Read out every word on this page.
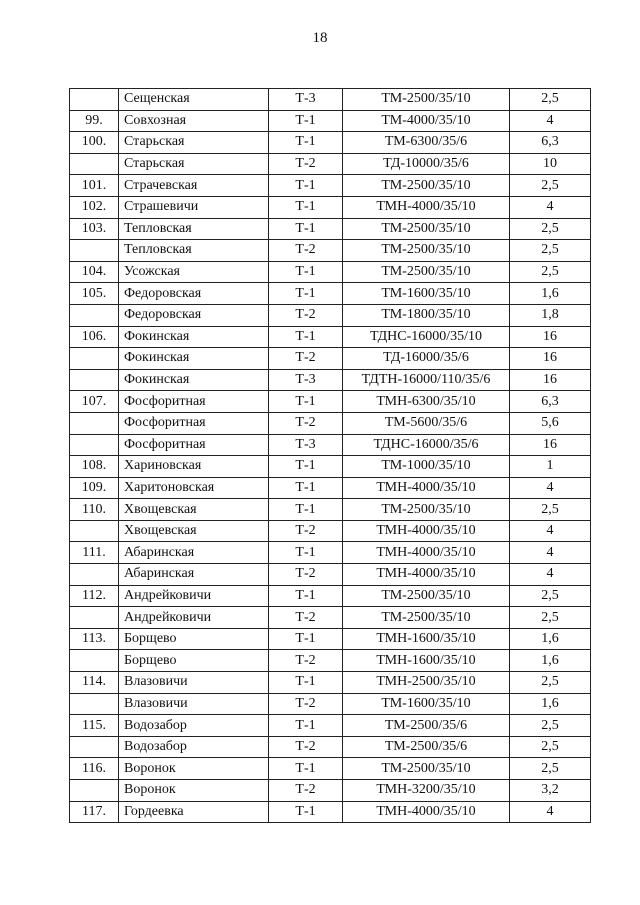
18
	Сещенская	Т-3	ТМ-2500/35/10	2,5
99.	Совхозная	Т-1	ТМ-4000/35/10	4
100.	Старьская	Т-1	ТМ-6300/35/6	6,3
	Старьская	Т-2	ТД-10000/35/6	10
101.	Страчевская	Т-1	ТМ-2500/35/10	2,5
102.	Страшевичи	Т-1	ТМН-4000/35/10	4
103.	Тепловская	Т-1	ТМ-2500/35/10	2,5
	Тепловская	Т-2	ТМ-2500/35/10	2,5
104.	Усожская	Т-1	ТМ-2500/35/10	2,5
105.	Федоровская	Т-1	ТМ-1600/35/10	1,6
	Федоровская	Т-2	ТМ-1800/35/10	1,8
106.	Фокинская	Т-1	ТДНС-16000/35/10	16
	Фокинская	Т-2	ТД-16000/35/6	16
	Фокинская	Т-3	ТДТН-16000/110/35/6	16
107.	Фосфоритная	Т-1	ТМН-6300/35/10	6,3
	Фосфоритная	Т-2	ТМ-5600/35/6	5,6
	Фосфоритная	Т-3	ТДНС-16000/35/6	16
108.	Хариновская	Т-1	ТМ-1000/35/10	1
109.	Харитоновская	Т-1	ТМН-4000/35/10	4
110.	Хвощевская	Т-1	ТМ-2500/35/10	2,5
	Хвощевская	Т-2	ТМН-4000/35/10	4
111.	Абаринская	Т-1	ТМН-4000/35/10	4
	Абаринская	Т-2	ТМН-4000/35/10	4
112.	Андрейковичи	Т-1	ТМ-2500/35/10	2,5
	Андрейковичи	Т-2	ТМ-2500/35/10	2,5
113.	Борщево	Т-1	ТМН-1600/35/10	1,6
	Борщево	Т-2	ТМН-1600/35/10	1,6
114.	Влазовичи	Т-1	ТМН-2500/35/10	2,5
	Влазовичи	Т-2	ТМ-1600/35/10	1,6
115.	Водозабор	Т-1	ТМ-2500/35/6	2,5
	Водозабор	Т-2	ТМ-2500/35/6	2,5
116.	Воронок	Т-1	ТМ-2500/35/10	2,5
	Воронок	Т-2	ТМН-3200/35/10	3,2
117.	Гордеевка	Т-1	ТМН-4000/35/10	4
